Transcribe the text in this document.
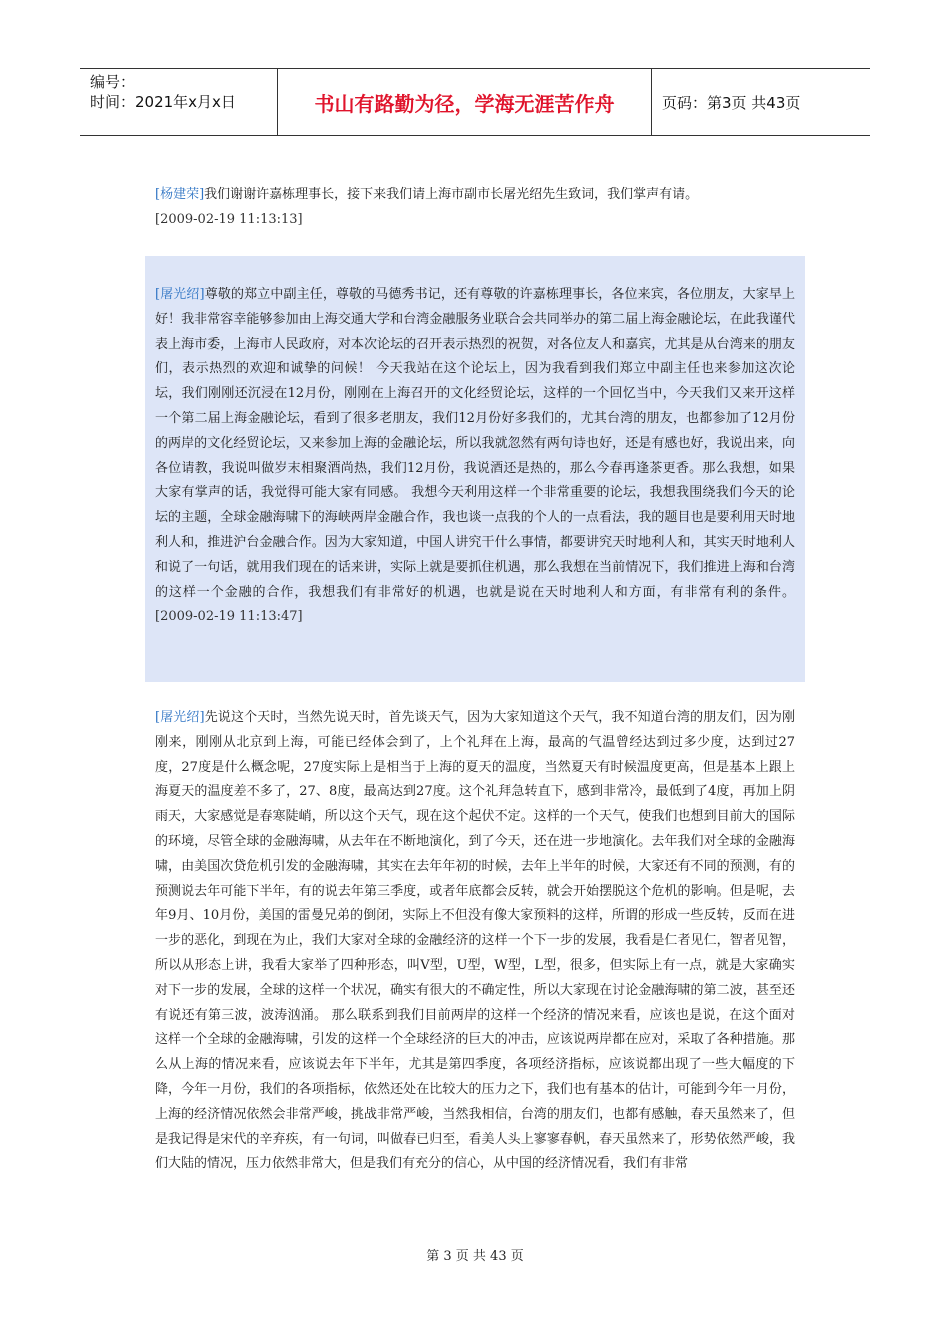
编号：
时间：2021年x月x日	书山有路勤为径，学海无涯苦作舟	页码：第3页 共43页
[杨建荣]我们谢谢许嘉栋理事长，接下来我们请上海市副市长屠光绍先生致词，我们掌声有请。
[2009-02-19 11:13:13]
[屠光绍]尊敬的郑立中副主任，尊敬的马德秀书记，还有尊敬的许嘉栋理事长，各位来宾，各位朋友，大家早上好！我非常容幸能够参加由上海交通大学和台湾金融服务业联合会共同举办的第二届上海金融论坛，在此我谨代表上海市委，上海市人民政府，对本次论坛的召开表示热烈的祝贺，对各位友人和嘉宾，尤其是从台湾来的朋友们，表示热烈的欢迎和诚挚的问候！ 今天我站在这个论坛上，因为我看到我们郑立中副主任也来参加这次论坛，我们刚刚还沉浸在12月份，刚刚在上海召开的文化经贸论坛，这样的一个回忆当中，今天我们又来开这样一个第二届上海金融论坛，看到了很多老朋友，我们12月份好多我们的，尤其台湾的朋友，也都参加了12月份的两岸的文化经贸论坛，又来参加上海的金融论坛，所以我就忽然有两句诗也好，还是有感也好，我说出来，向各位请教，我说叫做岁末相聚酒尚热，我们12月份，我说酒还是热的，那么今春再逢茶更香。那么我想，如果大家有掌声的话，我觉得可能大家有同感。 我想今天利用这样一个非常重要的论坛，我想我围绕我们今天的论坛的主题，全球金融海啸下的海峡两岸金融合作，我也谈一点我的个人的一点看法，我的题目也是要利用天时地利人和，推进沪台金融合作。因为大家知道，中国人讲究干什么事情，都要讲究天时地利人和，其实天时地利人和说了一句话，就用我们现在的话来讲，实际上就是要抓住机遇，那么我想在当前情况下，我们推进上海和台湾的这样一个金融的合作，我想我们有非常好的机遇，也就是说在天时地利人和方面，有非常有利的条件。[2009-02-19 11:13:47]
[屠光绍]先说这个天时，当然先说天时，首先谈天气，因为大家知道这个天气，我不知道台湾的朋友们，因为刚刚来，刚刚从北京到上海，可能已经体会到了，上个礼拜在上海，最高的气温曾经达到过多少度，达到过27度，27度是什么概念呢，27度实际上是相当于上海的夏天的温度，当然夏天有时候温度更高，但是基本上跟上海夏天的温度差不多了，27、8度，最高达到27度。这个礼拜急转直下，感到非常冷，最低到了4度，再加上阴雨天，大家感觉是春寒陡峭，所以这个天气，现在这个起伏不定。这样的一个天气，使我们也想到目前大的国际的环境，尽管全球的金融海啸，从去年在不断地演化，到了今天，还在进一步地演化。去年我们对全球的金融海啸，由美国次贷危机引发的金融海啸，其实在去年年初的时候，去年上半年的时候，大家还有不同的预测，有的预测说去年可能下半年，有的说去年第三季度，或者年底都会反转，就会开始摆脱这个危机的影响。但是呢，去年9月、10月份，美国的雷曼兄弟的倒闭，实际上不但没有像大家预料的这样，所谓的形成一些反转，反而在进一步的恶化，到现在为止，我们大家对全球的金融经济的这样一个下一步的发展，我看是仁者见仁，智者见智，所以从形态上讲，我看大家举了四种形态，叫V型，U型，W型，L型，很多，但实际上有一点，就是大家确实对下一步的发展，全球的这样一个状况，确实有很大的不确定性，所以大家现在讨论金融海啸的第二波，甚至还有说还有第三波，波涛汹涌。 那么联系到我们目前两岸的这样一个经济的情况来看，应该也是说，在这个面对这样一个全球的金融海啸，引发的这样一个全球经济的巨大的冲击，应该说两岸都在应对，采取了各种措施。那么从上海的情况来看，应该说去年下半年，尤其是第四季度，各项经济指标，应该说都出现了一些大幅度的下降，今年一月份，我们的各项指标，依然还处在比较大的压力之下，我们也有基本的估计，可能到今年一月份，上海的经济情况依然会非常严峻，挑战非常严峻，当然我相信，台湾的朋友们，也都有感触，春天虽然来了，但是我记得是宋代的辛弃疾，有一句词，叫做春已归至，看美人头上寥寥春帆，春天虽然来了，形势依然严峻，我们大陆的情况，压力依然非常大，但是我们有充分的信心，从中国的经济情况看，我们有非常
第 3 页 共 43 页
